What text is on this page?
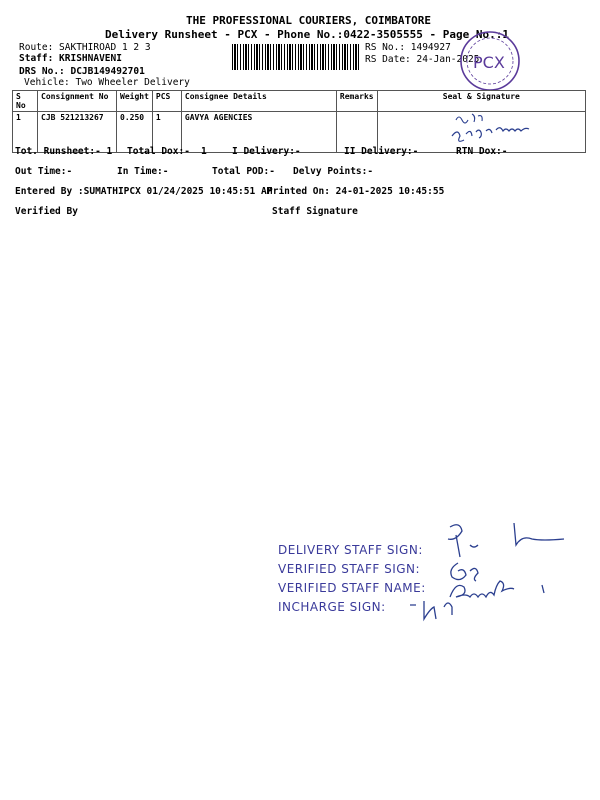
THE PROFESSIONAL COURIERS, COIMBATORE
Delivery Runsheet - PCX - Phone No.:0422-3505555 - Page No.:1
Route: SAKTHIROAD 1 2 3
Staff: KRISHNAVENI
DRS No.: DCJB149492701
Vehicle: Two Wheeler Delivery
RS No.: 1494927
RS Date: 24-Jan-2025
PCX
S No	Consignment No	Weight	PCS	Consignee Details	Remarks	Seal & Signature
1	CJB 521213267	0.250	1	GAVYA AGENCIES		
Tot. Runsheet:- 1 Total Dox:- 1	I Delivery:-	II Delivery:-	RTN Dox:-
Out Time:-	In Time:-	Total POD:- Delvy Points:-
Entered By :SUMATHIPCX 01/24/2025 10:45:51 AM
Printed On: 24-01-2025 10:45:55
Verified By	Staff Signature
DELIVERY STAFF SIGN:
VERIFIED STAFF SIGN:
VERIFIED STAFF NAME:
INCHARGE SIGN:
